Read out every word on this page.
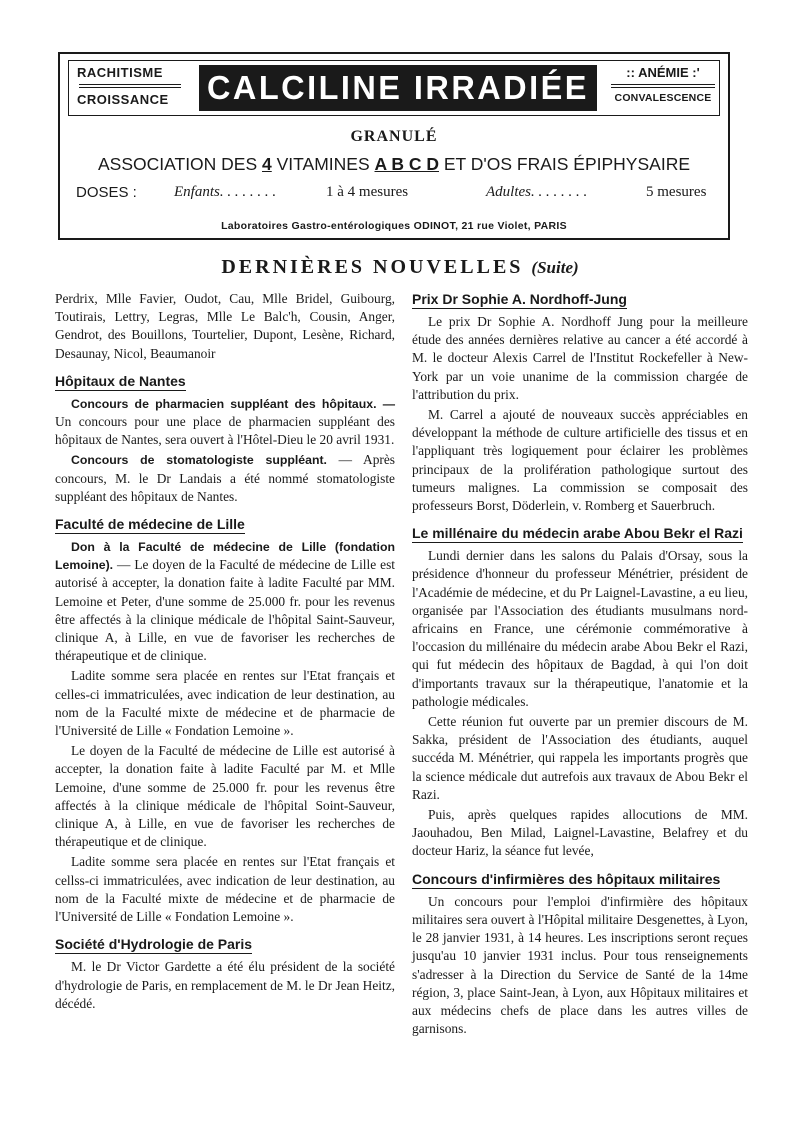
RACHITISME
CROISSANCE	CALCILINE IRRADIÉE	:: ANÉMIE :'
CONVALESCENCE
GRANULÉ
ASSOCIATION DES 4 VITAMINES A B C D ET D'OS FRAIS ÉPIPHYSAIRE
DOSES : Enfants. . . . . . . .	1 à 4 mesures	Adultes. . . . . . . .	5 mesures
Laboratoires Gastro-entérologiques ODINOT, 21 rue Violet, PARIS
DERNIÈRES NOUVELLES (Suite)

Perdrix, Mlle Favier, Oudot, Cau, Mlle Bridel, Guibourg, Toutirais, Lettry, Legras, Mlle Le Balc'h, Cousin, Anger, Gendrot, des Bouillons, Tourtelier, Dupont, Lesène, Richard, Desaunay, Nicol, Beaumanoir

Hôpitaux de Nantes

Concours de pharmacien suppléant des hôpitaux. — Un concours pour une place de pharmacien suppléant des hôpitaux de Nantes, sera ouvert à l'Hôtel-Dieu le 20 avril 1931.

Concours de stomatologiste suppléant. — Après concours, M. le Dr Landais a été nommé stomatologiste suppléant des hôpitaux de Nantes.

Faculté de médecine de Lille

Don à la Faculté de médecine de Lille (fondation Lemoine). — Le doyen de la Faculté de médecine de Lille est autorisé à accepter, la donation faite à ladite Faculté par MM. Lemoine et Peter, d'une somme de 25.000 fr. pour les revenus être affectés à la clinique médicale de l'hôpital Saint-Sauveur, clinique A, à Lille, en vue de favoriser les recherches de thérapeutique et de clinique.

Ladite somme sera placée en rentes sur l'Etat français et celles-ci immatriculées, avec indication de leur destination, au nom de la Faculté mixte de médecine et de pharmacie de l'Université de Lille « Fondation Lemoine ».

Le doyen de la Faculté de médecine de Lille est autorisé à accepter, la donation faite à ladite Faculté par M. et Mlle Lemoine, d'une somme de 25.000 fr. pour les revenus être affectés à la clinique médicale de l'hôpital Soint-Sauveur, clinique A, à Lille, en vue de favoriser les recherches de thérapeutique et de clinique.

Ladite somme sera placée en rentes sur l'Etat français et cellss-ci immatriculées, avec indication de leur destination, au nom de la Faculté mixte de médecine et de pharmacie de l'Université de Lille « Fondation Lemoine ».

Société d'Hydrologie de Paris

M. le Dr Victor Gardette a été élu président de la société d'hydrologie de Paris, en remplacement de M. le Dr Jean Heitz, décédé.

Prix Dr Sophie A. Nordhoff-Jung

Le prix Dr Sophie A. Nordhoff Jung pour la meilleure étude des années dernières relative au cancer a été accordé à M. le docteur Alexis Carrel de l'Institut Rockefeller à New-York par un voie unanime de la commission chargée de l'attribution du prix.

M. Carrel a ajouté de nouveaux succès appréciables en développant la méthode de culture artificielle des tissus et en l'appliquant très logiquement pour éclairer les problèmes principaux de la prolifération pathologique surtout des tumeurs malignes. La commission se composait des professeurs Borst, Döderlein, v. Romberg et Sauerbruch.

Le millénaire du médecin arabe Abou Bekr el Razi

Lundi dernier dans les salons du Palais d'Orsay, sous la présidence d'honneur du professeur Ménétrier, président de l'Académie de médecine, et du Pr Laignel-Lavastine, a eu lieu, organisée par l'Association des étudiants musulmans nord-africains en France, une cérémonie commémorative à l'occasion du millénaire du médecin arabe Abou Bekr el Razi, qui fut médecin des hôpitaux de Bagdad, à qui l'on doit d'importants travaux sur la thérapeutique, l'anatomie et la pathologie médicales.

Cette réunion fut ouverte par un premier discours de M. Sakka, président de l'Association des étudiants, auquel succéda M. Ménétrier, qui rappela les importants progrès que la science médicale dut autrefois aux travaux de Abou Bekr el Razi.

Puis, après quelques rapides allocutions de MM. Jaouhadou, Ben Milad, Laignel-Lavastine, Belafrey et du docteur Hariz, la séance fut levée,

Concours d'infirmières des hôpitaux militaires

Un concours pour l'emploi d'infirmière des hôpitaux militaires sera ouvert à l'Hôpital militaire Desgenettes, à Lyon, le 28 janvier 1931, à 14 heures. Les inscriptions seront reçues jusqu'au 10 janvier 1931 inclus. Pour tous renseignements s'adresser à la Direction du Service de Santé de la 14me région, 3, place Saint-Jean, à Lyon, aux Hôpitaux militaires et aux médecins chefs de place dans les autres villes de garnisons.
